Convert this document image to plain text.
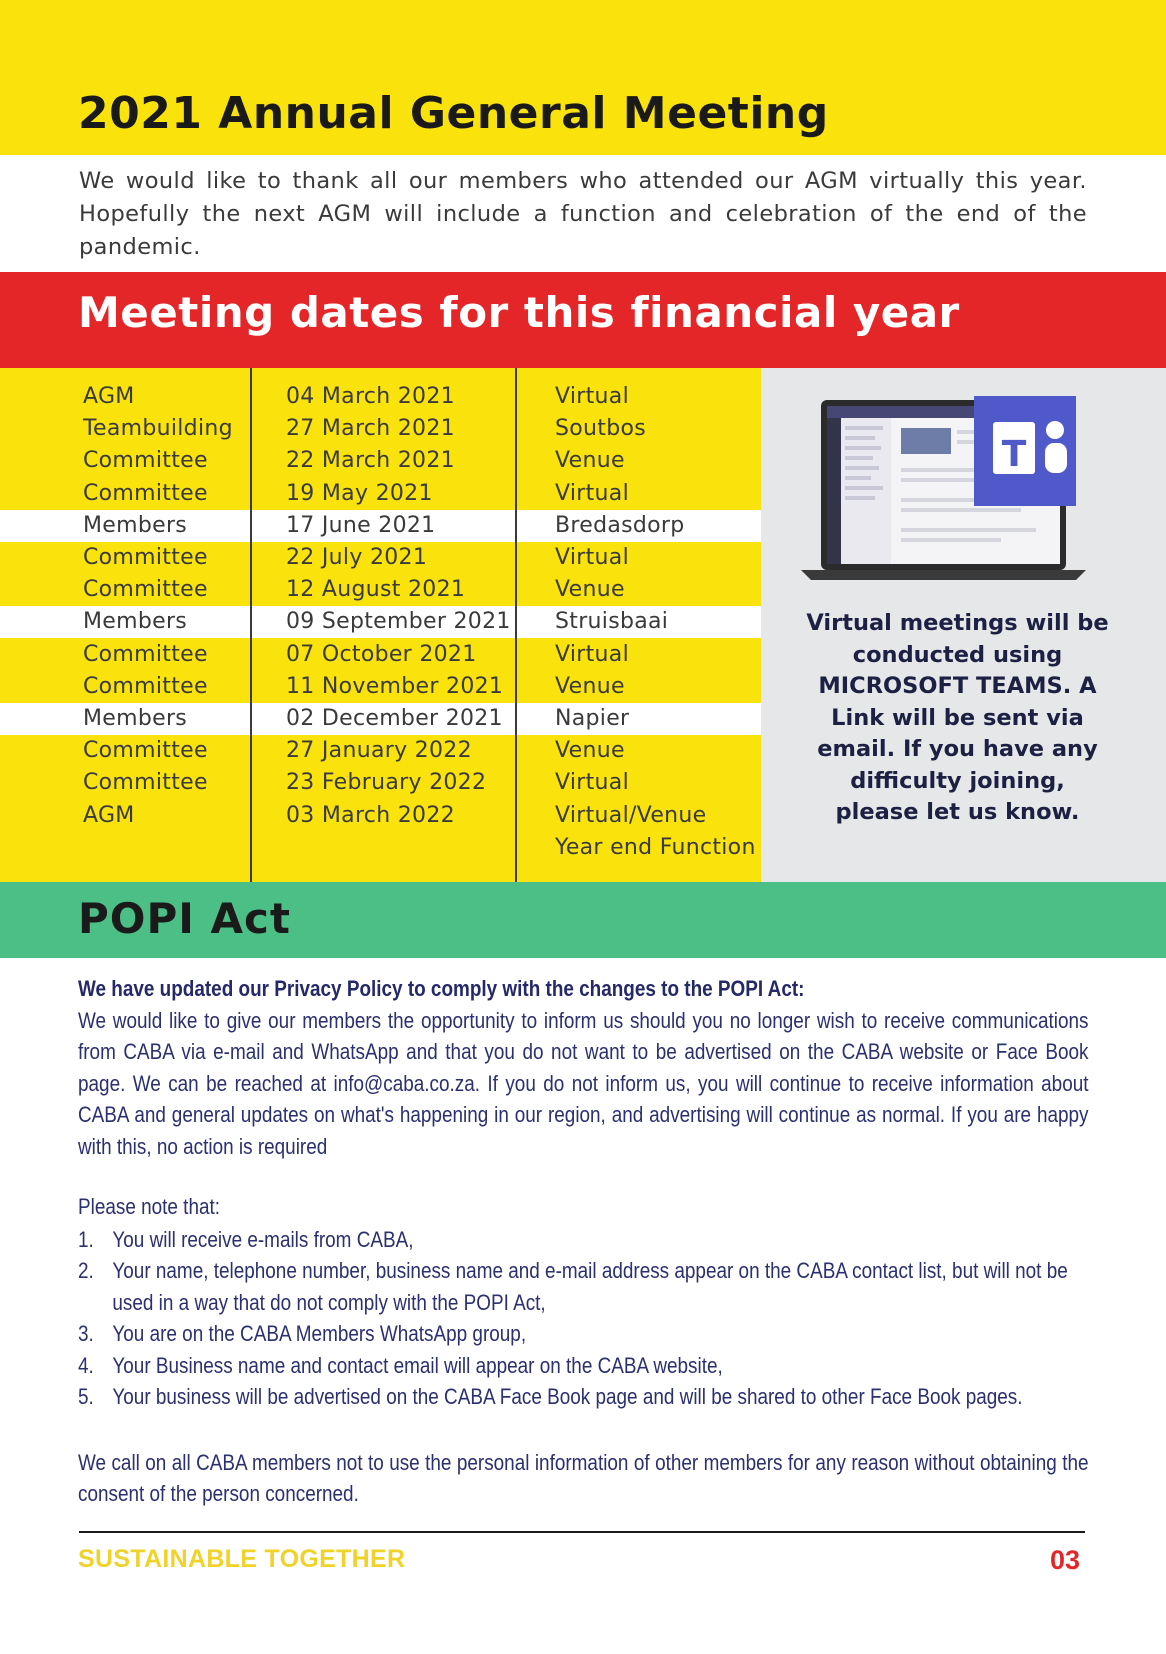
2021 Annual General Meeting

We would like to thank all our members who attended our AGM virtually this year. Hopefully the next AGM will include a function and celebration of the end of the pandemic.

Meeting dates for this financial year
AGM	04 March 2021	Virtual
Teambuilding 27 March 2021	Soutbos
Committee	22 March 2021	Venue
Committee	19 May 2021	Virtual
Members	17 June 2021	Bredasdorp
Committee	22 July 2021	Virtual
Committee	12 August 2021	Venue
Members	09 September 2021 Struisbaai
Committee	07 October 2021	Virtual
Committee	11 November 2021 Venue
Members	02 December 2021 Napier
Committee	27 January 2022	Venue
Committee	23 February 2022	Virtual
AGM	03 March 2022	Virtual/Venue
Year end Function
T

Virtual meetings will be conducted using MICROSOFT TEAMS. A Link will be sent via email. If you have any difficulty joining, please let us know.

POPI Act

We have updated our Privacy Policy to comply with the changes to the POPI Act:

We would like to give our members the opportunity to inform us should you no longer wish to receive communications from CABA via e-mail and WhatsApp and that you do not want to be advertised on the CABA website or Face Book page. We can be reached at info@caba.co.za. If you do not inform us, you will continue to receive information about CABA and general updates on what's happening in our region, and advertising will continue as normal. If you are happy with this, no action is required

Please note that:

1. You will receive e-mails from CABA,
2. Your name, telephone number, business name and e-mail address appear on the CABA contact list, but will not be used in a way that do not comply with the POPI Act,
3. You are on the CABA Members WhatsApp group,
4. Your Business name and contact email will appear on the CABA website,
5. Your business will be advertised on the CABA Face Book page and will be shared to other Face Book pages.

We call on all CABA members not to use the personal information of other members for any reason without obtaining the consent of the person concerned.

SUSTAINABLE TOGETHER	03
